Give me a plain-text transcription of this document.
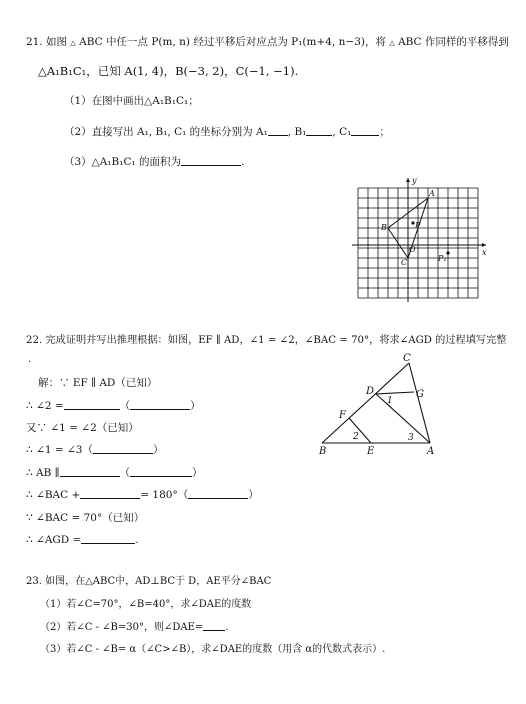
21. 如图 △ ABC 中任一点 P(m, n) 经过平移后对应点为 P₁(m+4, n−3)，将 △ ABC 作同样的平移得到
△A₁B₁C₁，已知 A(1, 4)，B(−3, 2)，C(−1, −1).
（1）在图中画出△A₁B₁C₁；
（2）直接写出 A₁, B₁, C₁ 的坐标分别为 A₁ , B₁ , C₁	；
（3）△A₁B₁C₁ 的面积为	.
y
x
A
B	P
O
C	P₁
22. 完成证明并写出推理根据：如图，EF ∥ AD，∠1 = ∠2，∠BAC = 70°，将求∠AGD 的过程填写完整
.
解：∵ EF ∥ AD（已知）
∴ ∠2 =	（	）
又∵ ∠1 = ∠2（已知）
∴ ∠1 = ∠3（	）
∴ AB ∥	（	）
∴ ∠BAC +	= 180°（	）
∵ ∠BAC = 70°（已知）
∴ ∠AGD =	.
C
D	G
1
F
2	3
B	E	A
23. 如图，在△ABC中，AD⊥BC于 D，AE平分∠BAC
（1）若∠C=70°，∠B=40°，求∠DAE的度数
（2）若∠C - ∠B=30°，则∠DAE= .
（3）若∠C - ∠B= α（∠C>∠B），求∠DAE的度数（用含 α的代数式表示）.
